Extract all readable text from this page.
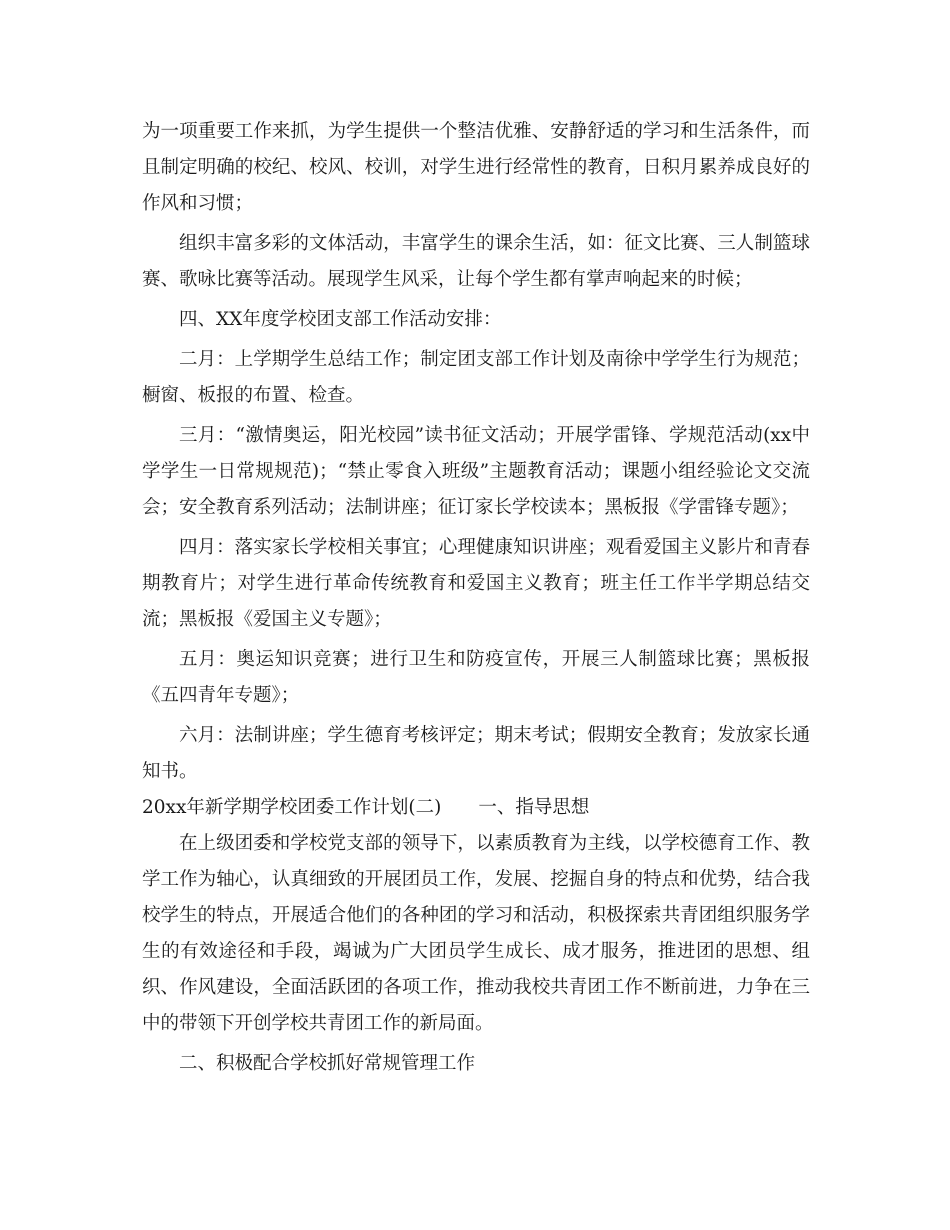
为一项重要工作来抓，为学生提供一个整洁优雅、安静舒适的学习和生活条件，而且制定明确的校纪、校风、校训，对学生进行经常性的教育，日积月累养成良好的作风和习惯；

组织丰富多彩的文体活动，丰富学生的课余生活，如：征文比赛、三人制篮球赛、歌咏比赛等活动。展现学生风采，让每个学生都有掌声响起来的时候；

四、XX年度学校团支部工作活动安排：

二月：上学期学生总结工作；制定团支部工作计划及南徐中学学生行为规范；橱窗、板报的布置、检查。

三月：“激情奥运，阳光校园”读书征文活动；开展学雷锋、学规范活动(xx中学学生一日常规规范)；“禁止零食入班级”主题教育活动；课题小组经验论文交流会；安全教育系列活动；法制讲座；征订家长学校读本；黑板报《学雷锋专题》；

四月：落实家长学校相关事宜；心理健康知识讲座；观看爱国主义影片和青春期教育片；对学生进行革命传统教育和爱国主义教育；班主任工作半学期总结交流；黑板报《爱国主义专题》；

五月：奥运知识竞赛；进行卫生和防疫宣传，开展三人制篮球比赛；黑板报《五四青年专题》；

六月：法制讲座；学生德育考核评定；期末考试；假期安全教育；发放家长通知书。

20xx年新学期学校团委工作计划(二)　　一、指导思想

在上级团委和学校党支部的领导下，以素质教育为主线，以学校德育工作、教学工作为轴心，认真细致的开展团员工作，发展、挖掘自身的特点和优势，结合我校学生的特点，开展适合他们的各种团的学习和活动，积极探索共青团组织服务学生的有效途径和手段，竭诚为广大团员学生成长、成才服务，推进团的思想、组织、作风建设，全面活跃团的各项工作，推动我校共青团工作不断前进，力争在三中的带领下开创学校共青团工作的新局面。

二、积极配合学校抓好常规管理工作
